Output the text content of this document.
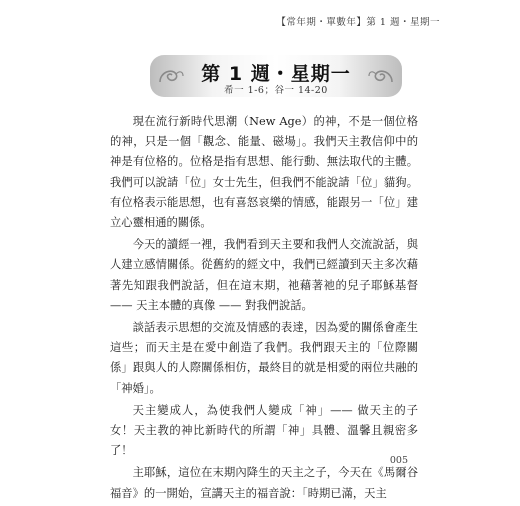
【常年期・單數年】第 1 週・星期一
第 1 週・星期一
希一 1-6；谷一 14-20

現在流行新時代思潮（New Age）的神，不是一個位格的神，只是一個「觀念、能量、磁場」。我們天主教信仰中的神是有位格的。位格是指有思想、能行動、無法取代的主體。我們可以說請「位」女士先生，但我們不能說請「位」貓狗。有位格表示能思想，也有喜怒哀樂的情感，能跟另一「位」建立心靈相通的關係。

今天的讀經一裡，我們看到天主要和我們人交流說話，與人建立感情關係。從舊約的經文中，我們已經讀到天主多次藉著先知跟我們說話，但在這末期，祂藉著祂的兒子耶穌基督 —— 天主本體的真像 —— 對我們說話。

談話表示思想的交流及情感的表達，因為愛的關係會產生這些；而天主是在愛中創造了我們。我們跟天主的「位際關係」跟與人的人際關係相仿，最終目的就是相愛的兩位共融的「神婚」。

天主變成人，為使我們人變成「神」—— 做天主的子女！天主教的神比新時代的所謂「神」具體、溫馨且親密多了！

主耶穌，這位在末期內降生的天主之子，今天在《馬爾谷福音》的一開始，宣講天主的福音說：「時期已滿，天主

005
